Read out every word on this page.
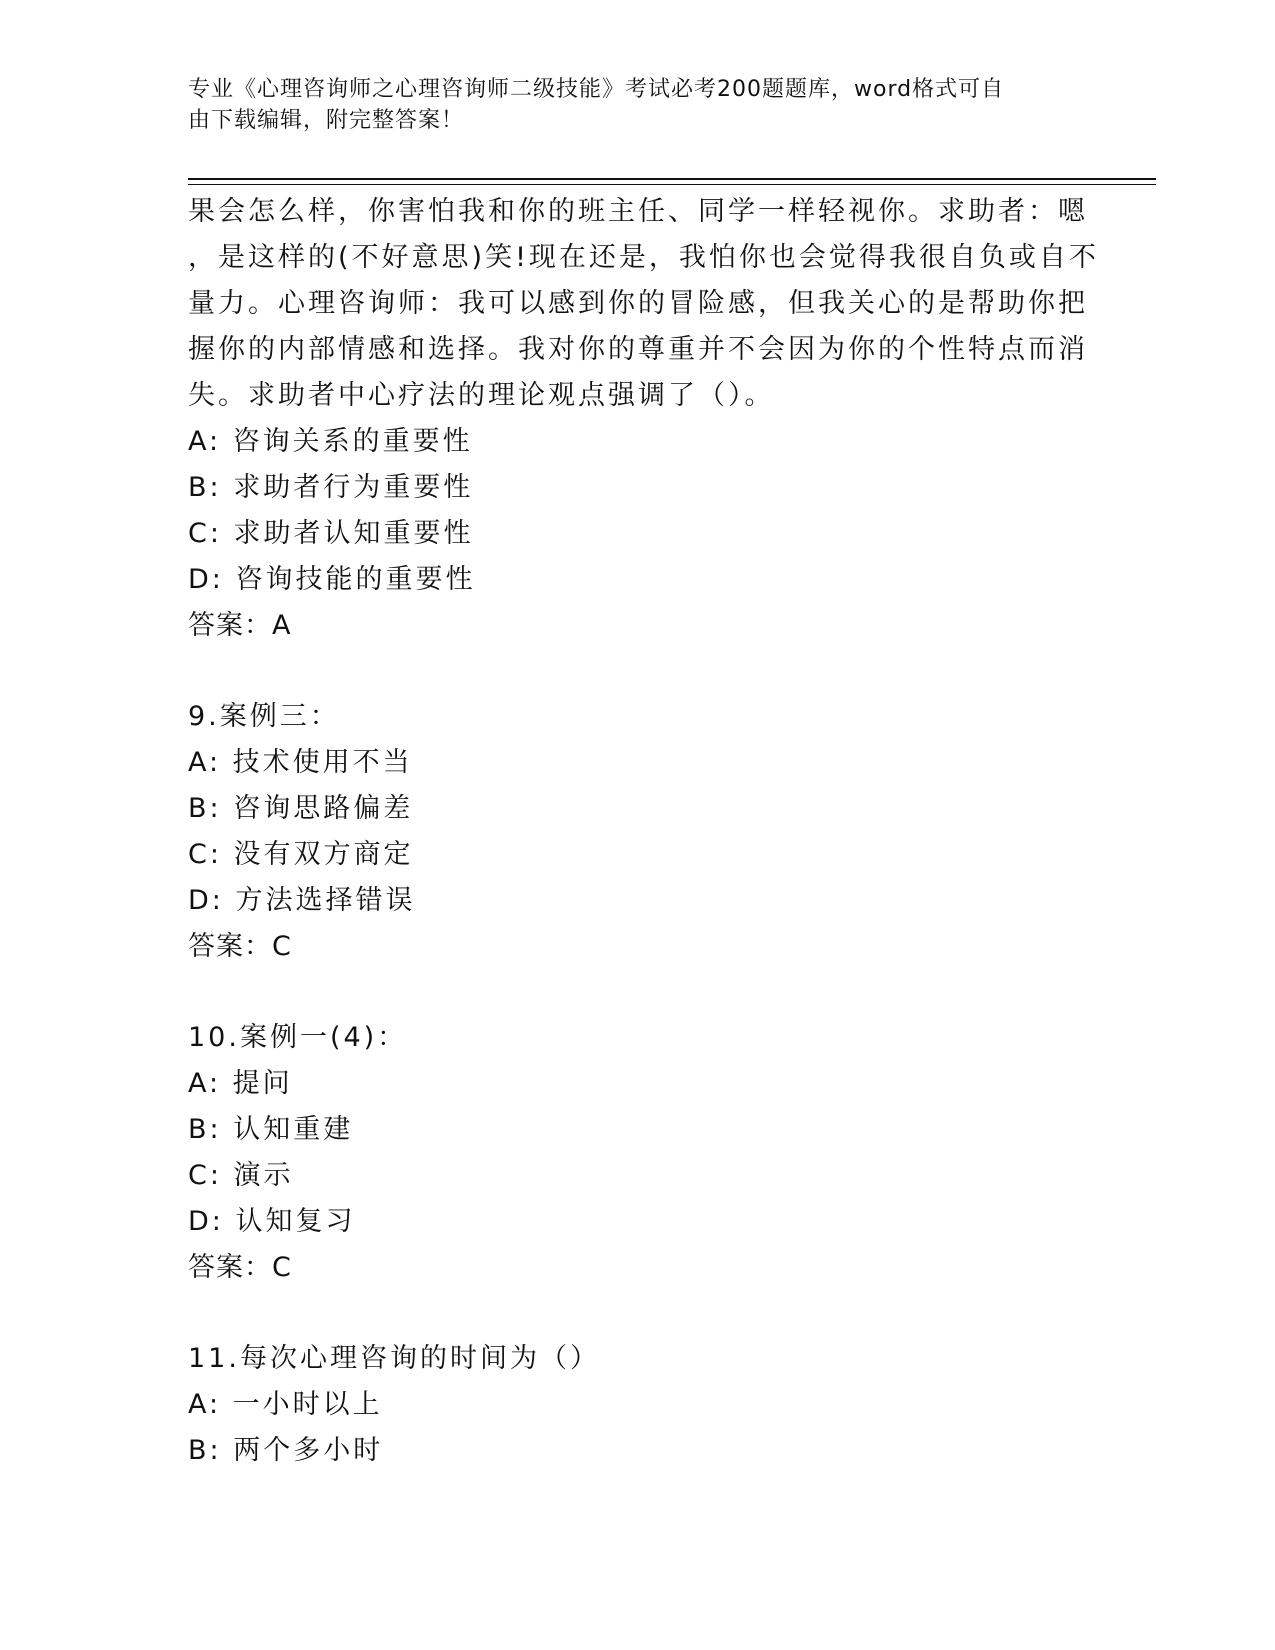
专业《心理咨询师之心理咨询师二级技能》考试必考200题题库，word格式可自
由下载编辑，附完整答案！
果会怎么样，你害怕我和你的班主任、同学一样轻视你。求助者：嗯
，是这样的(不好意思)笑!现在还是，我怕你也会觉得我很自负或自不
量力。心理咨询师：我可以感到你的冒险感，但我关心的是帮助你把
握你的内部情感和选择。我对你的尊重并不会因为你的个性特点而消
失。求助者中心疗法的理论观点强调了（）。
A: 咨询关系的重要性
B: 求助者行为重要性
C: 求助者认知重要性
D: 咨询技能的重要性
答案：A
9.案例三：
A: 技术使用不当
B: 咨询思路偏差
C: 没有双方商定
D: 方法选择错误
答案：C
10.案例一(4)：
A: 提问
B: 认知重建
C: 演示
D: 认知复习
答案：C
11.每次心理咨询的时间为（）
A: 一小时以上
B: 两个多小时
